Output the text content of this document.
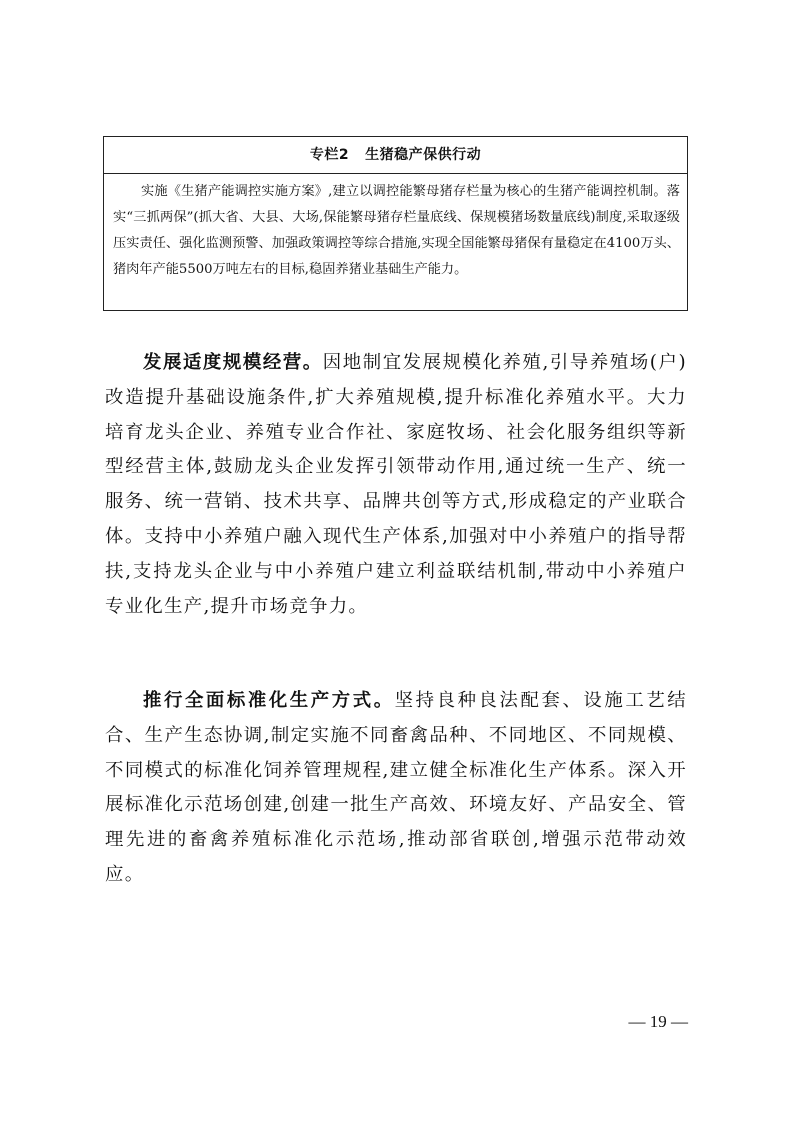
专栏2 生猪稳产保供行动
实施《生猪产能调控实施方案》,建立以调控能繁母猪存栏量为核心的生猪产能调控机制。落实“三抓两保”(抓大省、大县、大场,保能繁母猪存栏量底线、保规模猪场数量底线)制度,采取逐级压实责任、强化监测预警、加强政策调控等综合措施,实现全国能繁母猪保有量稳定在4100万头、猪肉年产能5500万吨左右的目标,稳固养猪业基础生产能力。

发展适度规模经营。因地制宜发展规模化养殖,引导养殖场(户)改造提升基础设施条件,扩大养殖规模,提升标准化养殖水平。大力培育龙头企业、养殖专业合作社、家庭牧场、社会化服务组织等新型经营主体,鼓励龙头企业发挥引领带动作用,通过统一生产、统一服务、统一营销、技术共享、品牌共创等方式,形成稳定的产业联合体。支持中小养殖户融入现代生产体系,加强对中小养殖户的指导帮扶,支持龙头企业与中小养殖户建立利益联结机制,带动中小养殖户专业化生产,提升市场竞争力。

推行全面标准化生产方式。坚持良种良法配套、设施工艺结合、生产生态协调,制定实施不同畜禽品种、不同地区、不同规模、不同模式的标准化饲养管理规程,建立健全标准化生产体系。深入开展标准化示范场创建,创建一批生产高效、环境友好、产品安全、管理先进的畜禽养殖标准化示范场,推动部省联创,增强示范带动效应。

— 19 —
